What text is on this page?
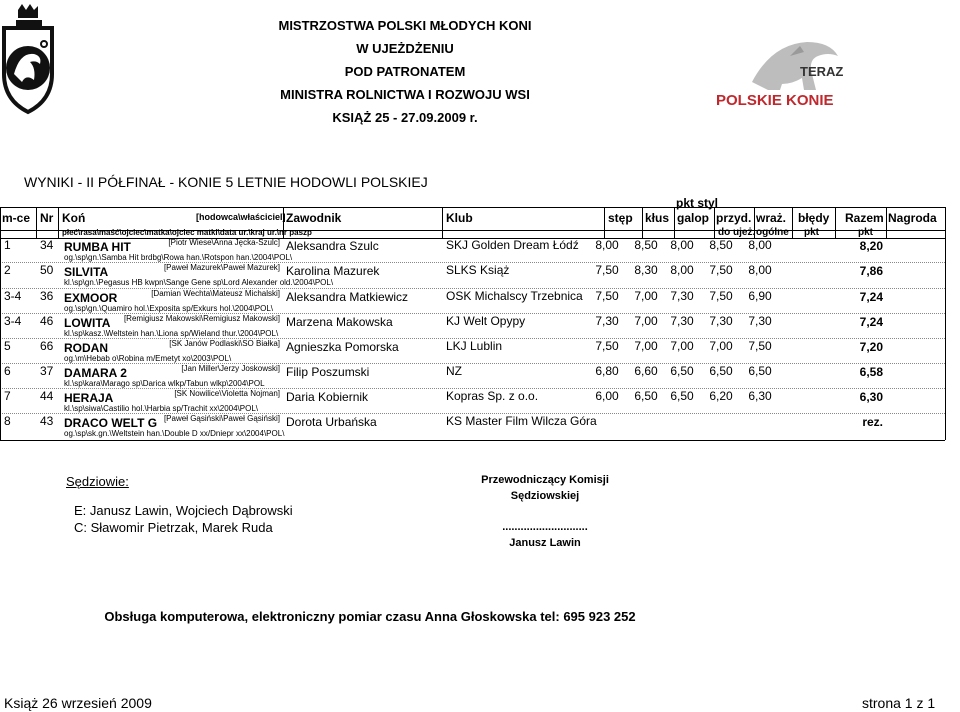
MISTRZOSTWA POLSKI MŁODYCH KONI
W UJEŻDŻENIU
POD PATRONATEM
MINISTRA ROLNICTWA I ROZWOJU WSI
KSIĄŻ 25 - 27.09.2009 r.
TERAZ
POLSKIE KONIE
WYNIKI - II PÓŁFINAŁ - KONIE 5 LETNIE HODOWLI POLSKIEJ
pkt styl
m-ce Nr Koń	[hodowca\właściciel] Zawodnik	Klub	stęp kłus galop przyd. wraż. błędy Razem Nagroda
płeć\rasa\maść\ojciec\matka\ojciec matki\data ur.\kraj ur.\nr paszp	do ujeż. ogólne pkt	pkt
1 34 RUMBA HIT	[Piotr Wiese\Anna Jęcka-Szulc] Aleksandra Szulc	SKJ Golden Dream Łódź	8,00	8,50	8,00	8,50	8,00	8,20
og.\sp\gn.\Samba Hit brdbg\Rowa han.\Rotspon han.\2004\POL\
2 50 SILVITA	[Paweł Mazurek\Paweł Mazurek] Karolina Mazurek	SLKS Książ	7,50	8,30	8,00	7,50	8,00	7,86
kl.\sp\gn.\Pegasus HB kwpn\Sange Gene sp\Lord Alexander old.\2004\POL\
3-4 36 EXMOOR	[Damian Wechta\Mateusz Michalski] Aleksandra Matkiewicz	OSK Michalscy Trzebnica	7,50	7,00	7,30	7,50	6,90	7,24
og.\sp\gn.\Quamiro hol.\Exposita sp/Exkurs hol.\2004\POL\
3-4 46 LOWITA [Remigiusz Makowski\Remigiusz Makowski] Marzena Makowska	KJ Welt Opypy	7,30	7,00	7,30	7,30	7,30	7,24
kl.\sp\kasz.\Weltstein han.\Liona sp/Wieland thur.\2004\POL\
5 66 RODAN	[SK Janów Podlaski\SO Białka] Agnieszka Pomorska	LKJ Lublin	7,50	7,00	7,00	7,00	7,50	7,20
og.\m\Hebab o\Robina m/Emetyt xo\2003\POL\
6 37 DAMARA 2	[Jan Miller\Jerzy Joskowski] Filip Poszumski	NZ	6,80	6,60	6,50	6,50	6,50	6,58
kl.\sp\kara\Marago sp\Darica wlkp/Tabun wlkp\2004\POL
7 44 HERAJA	[SK Nowilice\Violetta Nojman] Daria Kobiernik	Kopras Sp. z o.o.	6,00	6,50	6,50	6,20	6,30	6,30
kl.\sp\siwa\Castilio hol.\Harbia sp/Trachit xx\2004\POL\
8 43 DRACO WELT G [Paweł Gąsiński\Paweł Gąsiński] Dorota Urbańska	KS Master Film Wilcza Góra	rez.
og.\sp\sk.gn.\Weltstein han.\Double D xx/Dniepr xx\2004\POL\
Sędziowie:
E: Janusz Lawin, Wojciech Dąbrowski
C: Sławomir Pietrzak, Marek Ruda
Przewodniczący Komisji
Sędziowskiej
............................
Janusz Lawin
Obsługa komputerowa, elektroniczny pomiar czasu Anna Głoskowska tel: 695 923 252
Książ 26 wrzesień 2009	strona 1 z 1
